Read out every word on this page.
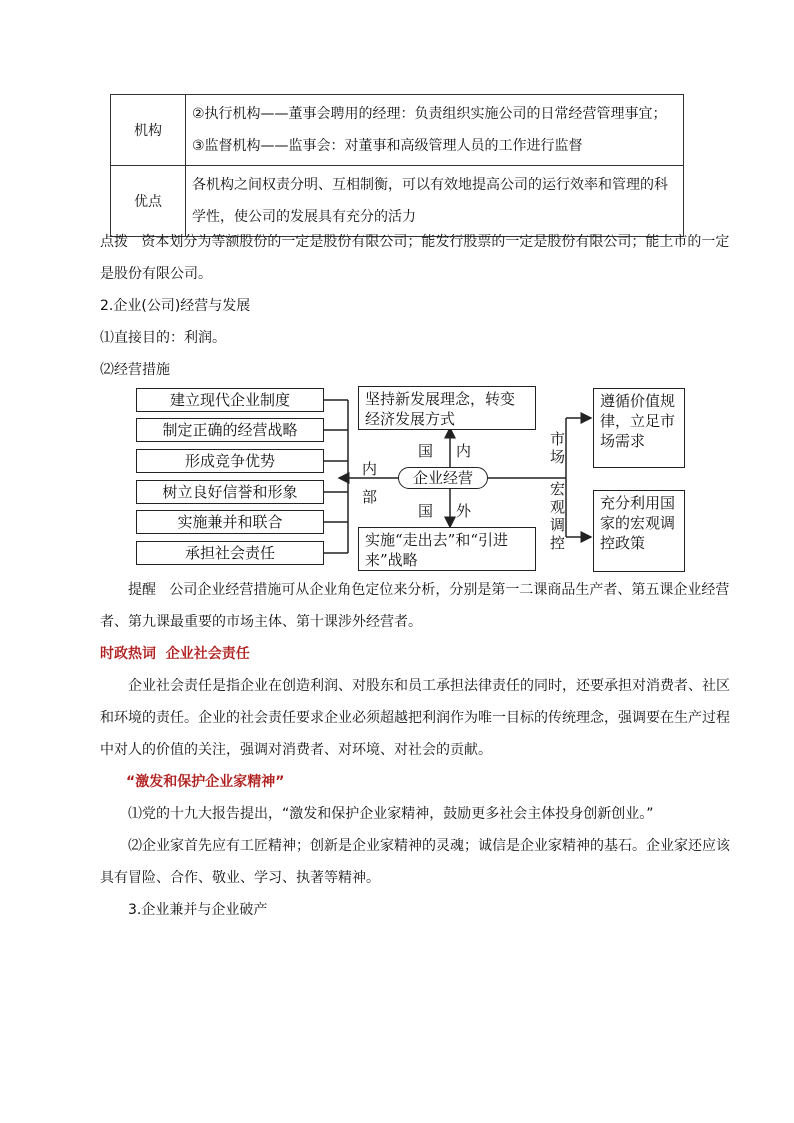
机构	②执行机构——董事会聘用的经理：负责组织实施公司的日常经营管理事宜；③监督机构——监事会：对董事和高级管理人员的工作进行监督
优点	各机构之间权责分明、互相制衡，可以有效地提高公司的运行效率和管理的科学性，使公司的发展具有充分的活力
点拨 资本划分为等额股份的一定是股份有限公司；能发行股票的一定是股份有限公司；能上市的一定是股份有限公司。
2.企业(公司)经营与发展
⑴直接目的：利润。
⑵经营措施
建立现代企业制度
制定正确的经营战略
形成竞争优势
树立良好信誉和形象
实施兼并和联合
承担社会责任
内
部
企业经营
坚持新发展理念，转变经济发展方式
国 内
国 外
实施“走出去”和“引进来”战略
市场
宏观调控
遵循价值规律，立足市场需求
充分利用国家的宏观调控政策
提醒 公司企业经营措施可从企业角色定位来分析，分别是第一二课商品生产者、第五课企业经营者、第九课最重要的市场主体、第十课涉外经营者。
时政热词 企业社会责任
企业社会责任是指企业在创造利润、对股东和员工承担法律责任的同时，还要承担对消费者、社区和环境的责任。企业的社会责任要求企业必须超越把利润作为唯一目标的传统理念，强调要在生产过程中对人的价值的关注，强调对消费者、对环境、对社会的贡献。
“激发和保护企业家精神”
⑴党的十九大报告提出，“激发和保护企业家精神，鼓励更多社会主体投身创新创业。”
⑵企业家首先应有工匠精神；创新是企业家精神的灵魂；诚信是企业家精神的基石。企业家还应该具有冒险、合作、敬业、学习、执著等精神。
3.企业兼并与企业破产
